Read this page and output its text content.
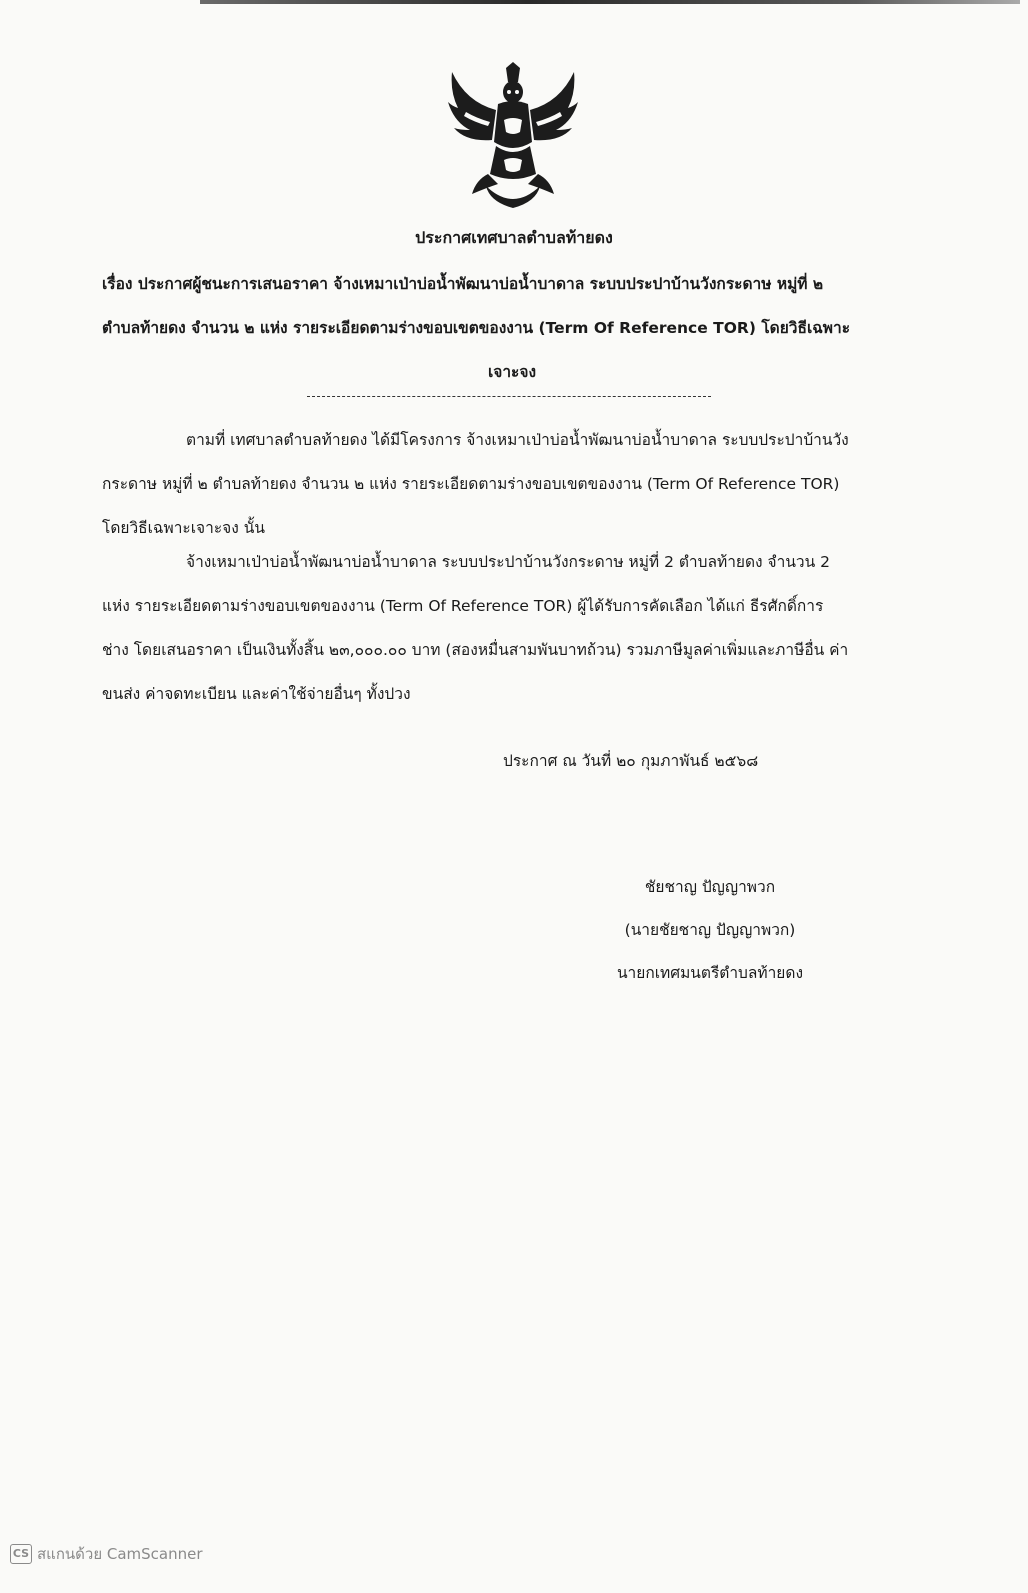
ประกาศเทศบาลตำบลท้ายดง
เรื่อง ประกาศผู้ชนะการเสนอราคา จ้างเหมาเป่าบ่อน้ำพัฒนาบ่อน้ำบาดาล ระบบประปาบ้านวังกระดาษ หมู่ที่ ๒
ตำบลท้ายดง จำนวน ๒ แห่ง รายระเอียดตามร่างขอบเขตของงาน (Term Of Reference TOR) โดยวิธีเฉพาะ
เจาะจง
ตามที่ เทศบาลตำบลท้ายดง ได้มีโครงการ จ้างเหมาเป่าบ่อน้ำพัฒนาบ่อน้ำบาดาล ระบบประปาบ้านวัง
กระดาษ หมู่ที่ ๒ ตำบลท้ายดง จำนวน ๒ แห่ง รายระเอียดตามร่างขอบเขตของงาน (Term Of Reference TOR)
โดยวิธีเฉพาะเจาะจง นั้น
จ้างเหมาเป่าบ่อน้ำพัฒนาบ่อน้ำบาดาล ระบบประปาบ้านวังกระดาษ หมู่ที่ 2 ตำบลท้ายดง จำนวน 2
แห่ง รายระเอียดตามร่างขอบเขตของงาน (Term Of Reference TOR) ผู้ได้รับการคัดเลือก ได้แก่ ธีรศักดิ์การ
ช่าง โดยเสนอราคา เป็นเงินทั้งสิ้น ๒๓,๐๐๐.๐๐ บาท (สองหมื่นสามพันบาทถ้วน) รวมภาษีมูลค่าเพิ่มและภาษีอื่น ค่า
ขนส่ง ค่าจดทะเบียน และค่าใช้จ่ายอื่นๆ ทั้งปวง
ประกาศ ณ วันที่ ๒๐ กุมภาพันธ์ ๒๕๖๘
ชัยชาญ ปัญญาพวก
(นายชัยชาญ ปัญญาพวก)
นายกเทศมนตรีตำบลท้ายดง
CS สแกนด้วย CamScanner
